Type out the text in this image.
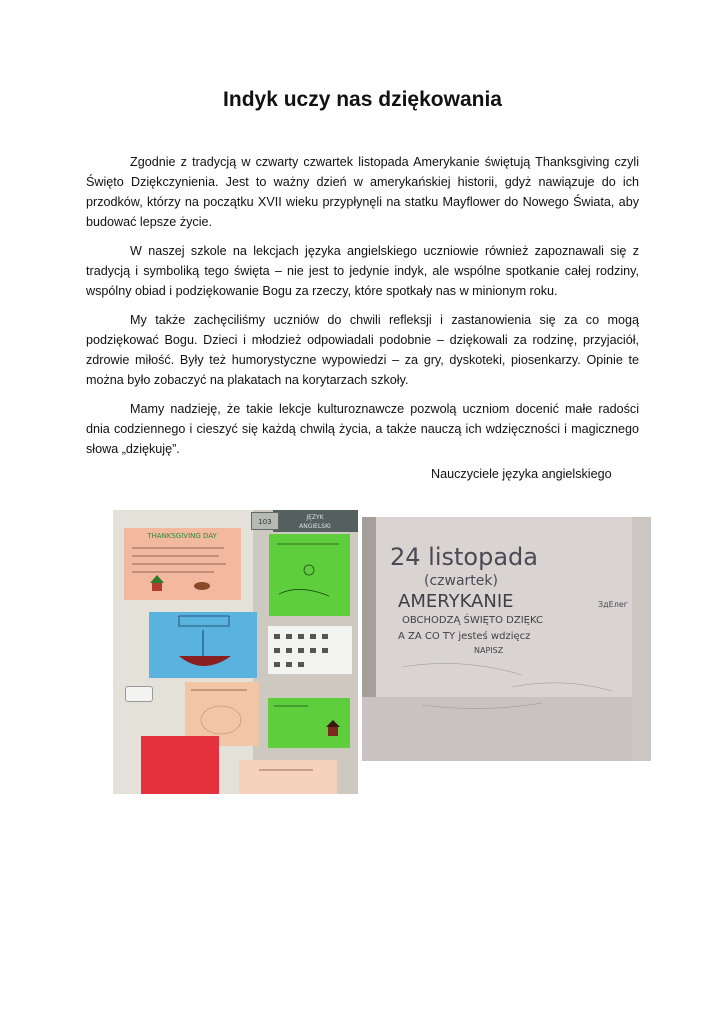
Indyk uczy nas dziękowania

Zgodnie z tradycją w czwarty czwartek listopada Amerykanie świętują Thanksgiving czyli Święto Dziękczynienia. Jest to ważny dzień w amerykańskiej historii, gdyż nawiązuje do ich przodków, którzy na początku XVII wieku przypłynęli na statku Mayflower do Nowego Świata, aby budować lepsze życie.

W naszej szkole na lekcjach języka angielskiego uczniowie również zapoznawali się z tradycją i symboliką tego święta – nie jest to jedynie indyk, ale wspólne spotkanie całej rodziny, wspólny obiad i podziękowanie Bogu za rzeczy, które spotkały nas w minionym roku.

My także zachęciliśmy uczniów do chwili refleksji i zastanowienia się za co mogą podziękować Bogu. Dzieci i młodzież odpowiadali podobnie – dziękowali za rodzinę, przyjaciół, zdrowie miłość. Były też humorystyczne wypowiedzi – za gry, dyskoteki, piosenkarzy. Opinie te można było zobaczyć na plakatach na korytarzach szkoły.

Mamy nadzieję, że takie lekcje kulturoznawcze pozwolą uczniom docenić małe radości dnia codziennego i cieszyć się każdą chwilą życia, a także nauczą ich wdzięczności i magicznego słowa „dziękuję”.

Nauczyciele języka angielskiego
JĘZYK
ANGIELSKI
103
THANKSGIVING DAY
24 listopada
(czwartek)
AMERYKANIE	ЗдЕлег
OBCHODZĄ ŚWIĘTO DZIĘKC
A ZA CO TY jesteś wdzięcz
NAPISZ
